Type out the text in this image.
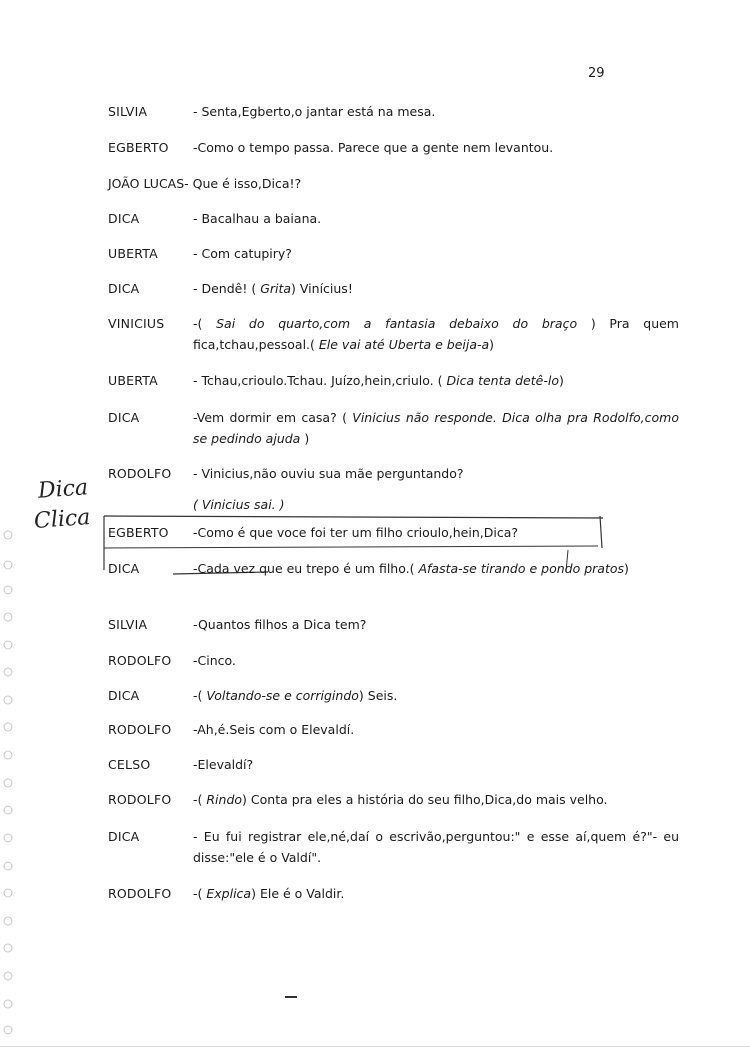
29
SILVIA	- Senta,Egberto,o jantar está na mesa.
EGBERTO -Como o tempo passa. Parece que a gente nem levantou.
JOÃO LUCAS- Que é isso,Dica!?
DICA	- Bacalhau a baiana.
UBERTA	- Com catupiry?
DICA	- Dendê! ( Grita) Vinícius!
VINICIUS -( Sai do quarto,com a fantasia debaixo do braço ) Pra quem fica,tchau,pessoal.( Ele vai até Uberta e beija-a)
UBERTA	- Tchau,crioulo.Tchau. Juízo,hein,criulo. ( Dica tenta detê-lo)
DICA	-Vem dormir em casa? ( Vinicius não responde. Dica olha pra Rodolfo,como se pedindo ajuda )
RODOLFO - Vinicius,não ouviu sua mãe perguntando?
( Vinicius sai. )
Dica
Clica EGBERTO -Como é que voce foi ter um filho crioulo,hein,Dica?
DICA	-Cada vez que eu trepo é um filho.( Afasta-se tirando e pondo pratos)
SILVIA	-Quantos filhos a Dica tem?
RODOLFO -Cinco.
DICA	-( Voltando-se e corrigindo) Seis.
RODOLFO -Ah,é.Seis com o Elevaldí.
CELSO	-Elevaldí?
RODOLFO -( Rindo) Conta pra eles a história do seu filho,Dica,do mais velho.
DICA	- Eu fui registrar ele,né,daí o escrivão,perguntou:" e esse aí,quem é?"- eu disse:"ele é o Valdí".
RODOLFO -( Explica) Ele é o Valdir.
